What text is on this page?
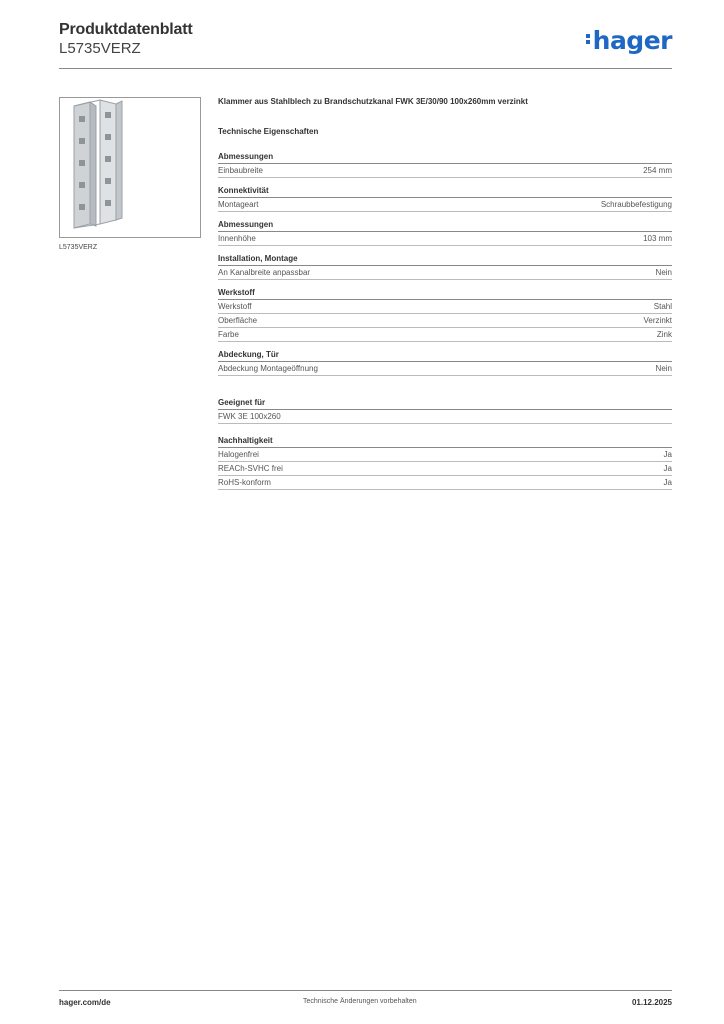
Produktdatenblatt
L5735VERZ	hager
L5735VERZ
Klammer aus Stahlblech zu Brandschutzkanal FWK 3E/30/90 100x260mm verzinkt
Technische Eigenschaften
Abmessungen
Einbaubreite	254 mm
Konnektivität
Montageart	Schraubbefestigung
Abmessungen
Innenhöhe	103 mm
Installation, Montage
An Kanalbreite anpassbar	Nein
Werkstoff
Werkstoff	Stahl
Oberfläche	Verzinkt
Farbe	Zink
Abdeckung, Tür
Abdeckung Montageöffnung	Nein
Geeignet für
FWK 3E 100x260
Nachhaltigkeit
Halogenfrei	Ja
REACh-SVHC frei	Ja
RoHS-konform	Ja
hager.com/de	Technische Änderungen vorbehalten	01.12.2025
